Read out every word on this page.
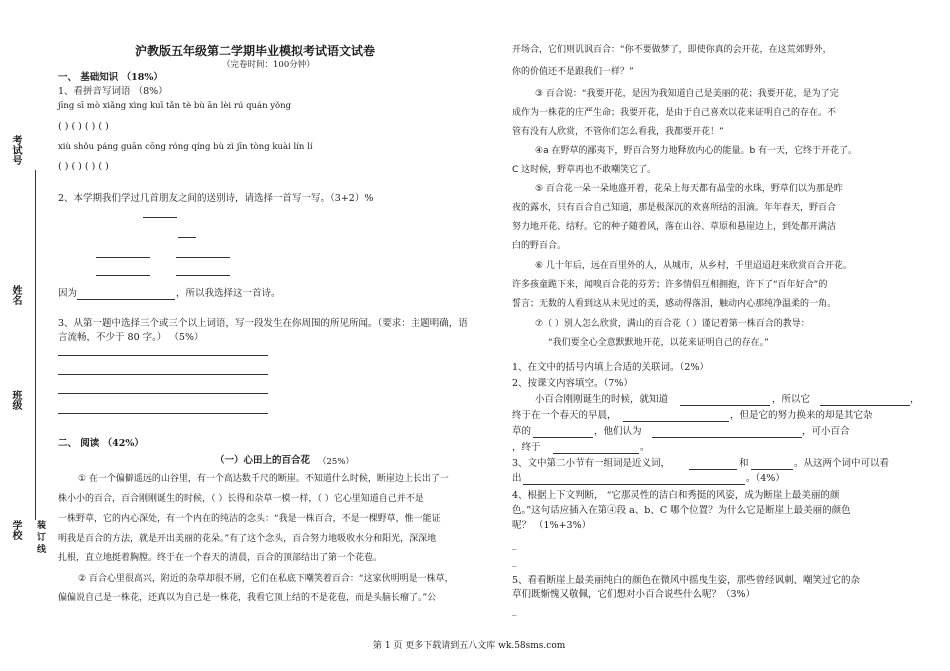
考试号
姓名
班级
学校 装 订 线
沪教版五年级第二学期毕业模拟考试语文试卷
（完卷时间：100分钟）
一、 基础知识 （18%）
1、看拼音写词语 （8%）
jīng sī mò xiǎng xìng kuī tǎn tè bù ān lèi rú quán yǒng
( ) ( ) ( ) ( )
xiù shǒu páng guān cōng róng qíng bù zì jīn tòng kuài lín lí
( ) ( ) ( ) ( )
2、本学期我们学过几首朋友之间的送别诗，请选择一首写一写。（3+2）%
因为	，所以我选择这一首诗。
3、从第一题中选择三个或三个以上词语，写一段发生在你周围的所见所闻。（要求：主题明确，语
言流畅，不少于 80 字。） （5%）
二、 阅读 （42%）
（一）心田上的百合花 （25%）
① 在一个偏僻遥远的山谷里，有一个高达数千尺的断崖。不知道什么时候，断崖边上长出了一
株小小的百合，百合刚刚诞生的时候，（ ）长得和杂草一模一样，（ ）它心里知道自己并不是
一株野草，它的内心深处，有一个内在的纯洁的念头：“我是一株百合，不是一棵野草，惟一能证
明我是百合的方法，就是开出美丽的花朵。”有了这个念头，百合努力地吸收水分和阳光，深深地
扎根，直立地挺着胸膛。终于在一个春天的清晨，百合的顶部结出了第一个花苞。
② 百合心里很高兴，附近的杂草却很不屑，它们在私底下嘲笑着百合：“这家伙明明是一株草，
偏偏说自己是一株花，还真以为自己是一株花，我看它顶上结的不是花苞，而是头脑长瘤了。”公
开场合，它们则讥讽百合：“你不要做梦了，即使你真的会开花，在这荒郊野外，
你的价值还不是跟我们一样？”
③ 百合说：“我要开花，是因为我知道自己是美丽的花；我要开花，是为了完
成作为一株花的庄严生命；我要开花，是由于自己喜欢以花来证明自己的存在。不
管有没有人欣赏，不管你们怎么看我，我都要开花！”
④a 在野草的鄙夷下，野百合努力地释放内心的能量。b 有一天，它终于开花了。
C 这时候，野草再也不敢嘲笑它了。
⑤ 百合花一朵一朵地盛开着，花朵上每天都有晶莹的水珠，野草们以为那是昨
夜的露水，只有百合自己知道，那是极深沉的欢喜所结的泪滴。年年春天，野百合
努力地开花、结籽。它的种子随着风，落在山谷、草原和悬崖边上，到处都开满洁
白的野百合。
⑥ 几十年后，远在百里外的人，从城市，从乡村，千里迢迢赶来欣赏百合开花。
许多孩童跪下来，闻嗅百合花的芬芳；许多情侣互相拥抱，许下了“百年好合”的
誓言；无数的人看到这从未见过的美，感动得落泪，触动内心那纯净温柔的一角。
⑦（ ）别人怎么欣赏，满山的百合花（ ）谨记着第一株百合的教导：
“我们要全心全意默默地开花，以花来证明自己的存在。”
1、在文中的括号内填上合适的关联词。（2%）
2、按课文内容填空。（7%）
小百合刚刚诞生的时候，就知道	，所以它	，
终于在一个春天的早晨，	，但是它的努力换来的却是其它杂
草的	，他们认为	，可小百合
，终于	。
3、文中第二小节有一组词是近义词，	和	。从这两个词中可以看
出	。（4%）
4、根据上下文判断， “它那灵性的洁白和秀挺的风姿，成为断崖上最美丽的颜
色。”这句话应插入在第④段 a、b、C 哪个位置？为什么它是断崖上最美丽的颜色
呢？ （1%+3%）
_
_
5、看看断崖上最美丽纯白的颜色在微风中摇曳生姿，那些曾经讽刺、嘲笑过它的杂
草们既惭愧又敬佩，它们想对小百合说些什么呢？（3%）
_
第 1 页 更多下载请到五八文库 wk.58sms.com
